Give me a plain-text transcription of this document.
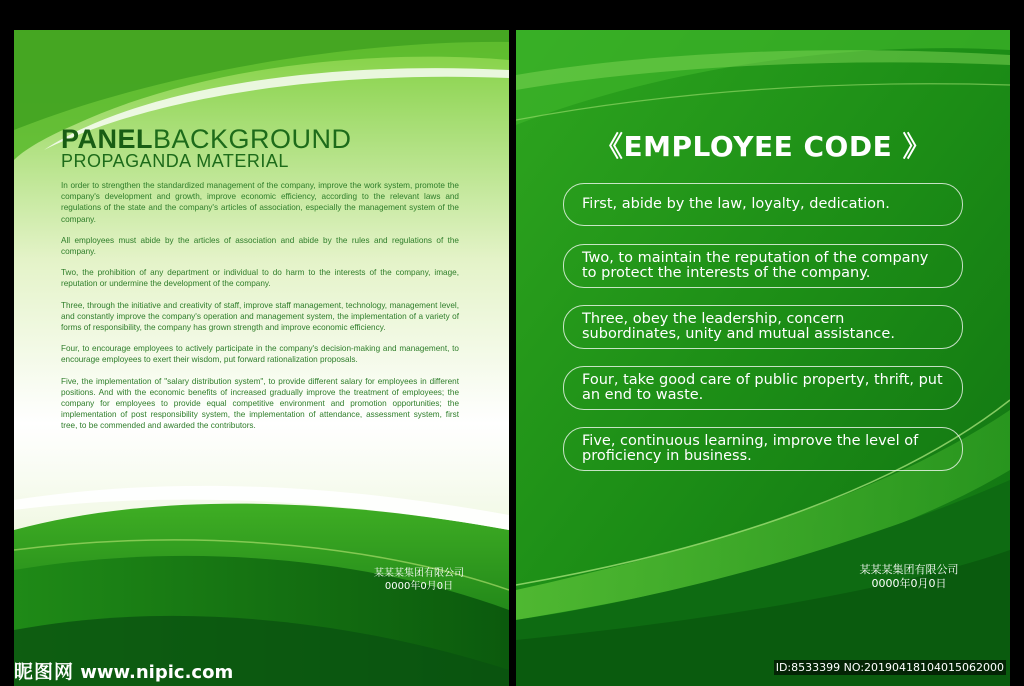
PANELBACKGROUND
PROPAGANDA MATERIAL

In order to strengthen the standardized management of the company, improve the work system, promote the company's development and growth, improve economic efficiency, according to the relevant laws and regulations of the state and the company's articles of association, especially the management system of the company.

All employees must abide by the articles of association and abide by the rules and regulations of the company.

Two, the prohibition of any department or individual to do harm to the interests of the company, image, reputation or undermine the development of the company.

Three, through the initiative and creativity of staff, improve staff management, technology, management level, and constantly improve the company's operation and management system, the implementation of a variety of forms of responsibility, the company has grown strength and improve economic efficiency.

Four, to encourage employees to actively participate in the company's decision-making and management, to encourage employees to exert their wisdom, put forward rationalization proposals.

Five, the implementation of "salary distribution system", to provide different salary for employees in different positions. And with the economic benefits of increased gradually improve the treatment of employees; the company for employees to provide equal competitive environment and promotion opportunities; the implementation of post responsibility system, the implementation of attendance, assessment system, first tree, to be commended and awarded the contributors.

某某某集团有限公司
0000年0月0日
《EMPLOYEE CODE 》
First, abide by the law, loyalty, dedication.
Two, to maintain the reputation of the company to protect the interests of the company.
Three, obey the leadership, concern subordinates, unity and mutual assistance.
Four, take good care of public property, thrift, put an end to waste.
Five, continuous learning, improve the level of proficiency in business.
某某某集团有限公司
0000年0月0日
昵图网 www.nipic.com	ID:8533399 NO:20190418104015062000
